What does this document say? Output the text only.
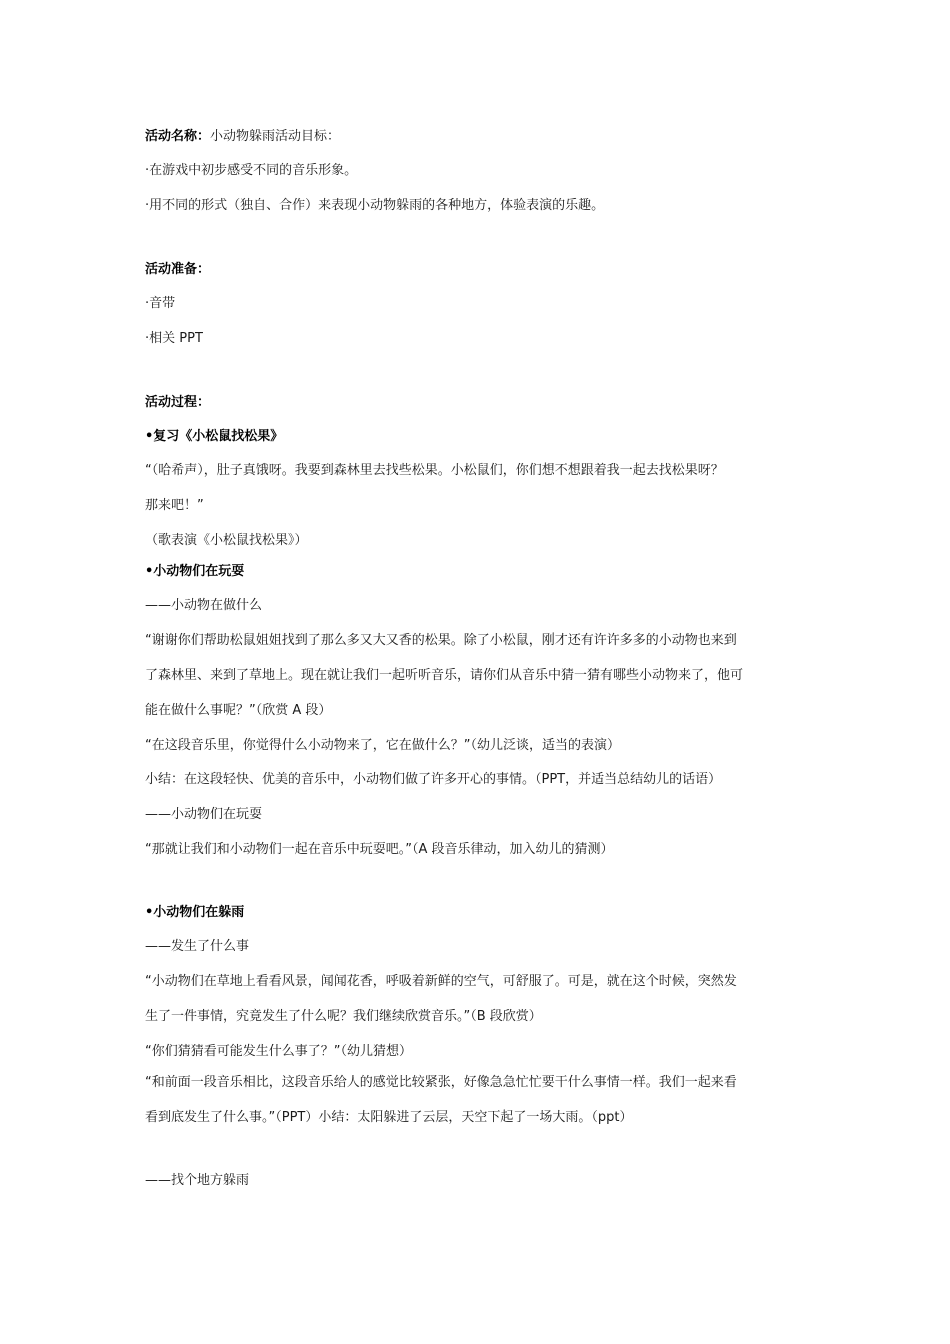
活动名称：小动物躲雨活动目标：
·在游戏中初步感受不同的音乐形象。
·用不同的形式（独自、合作）来表现小动物躲雨的各种地方，体验表演的乐趣。
活动准备：
·音带
·相关 PPT
活动过程：
•复习《小松鼠找松果》
“（哈希声），肚子真饿呀。我要到森林里去找些松果。小松鼠们，你们想不想跟着我一起去找松果呀？
那来吧！”
（歌表演《小松鼠找松果》）
•小动物们在玩耍
——小动物在做什么
“谢谢你们帮助松鼠姐姐找到了那么多又大又香的松果。除了小松鼠，刚才还有许许多多的小动物也来到
了森林里、来到了草地上。现在就让我们一起听听音乐，请你们从音乐中猜一猜有哪些小动物来了，他可
能在做什么事呢？”（欣赏 A 段）
“在这段音乐里，你觉得什么小动物来了，它在做什么？”（幼儿泛谈，适当的表演）
小结：在这段轻快、优美的音乐中，小动物们做了许多开心的事情。（PPT，并适当总结幼儿的话语）
——小动物们在玩耍
“那就让我们和小动物们一起在音乐中玩耍吧。”（A 段音乐律动，加入幼儿的猜测）
•小动物们在躲雨
——发生了什么事
“小动物们在草地上看看风景，闻闻花香，呼吸着新鲜的空气，可舒服了。可是，就在这个时候，突然发
生了一件事情，究竟发生了什么呢？我们继续欣赏音乐。”（B 段欣赏）
“你们猜猜看可能发生什么事了？”（幼儿猜想）
“和前面一段音乐相比，这段音乐给人的感觉比较紧张，好像急急忙忙要干什么事情一样。我们一起来看
看到底发生了什么事。”（PPT）小结：太阳躲进了云层，天空下起了一场大雨。（ppt）
——找个地方躲雨
